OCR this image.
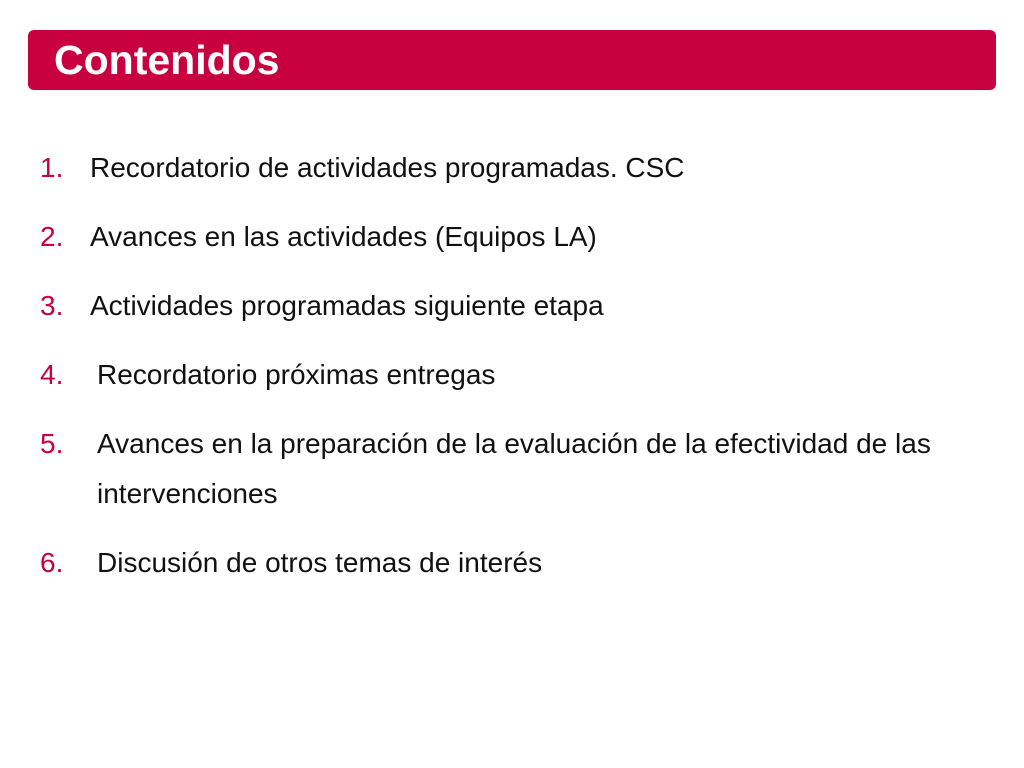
Contenidos
1. Recordatorio de actividades programadas. CSC
2. Avances en las actividades (Equipos LA)
3. Actividades programadas siguiente etapa
4.	Recordatorio próximas entregas
5.	Avances en la preparación de la evaluación de la efectividad de las intervenciones
6.	Discusión de otros temas de interés
